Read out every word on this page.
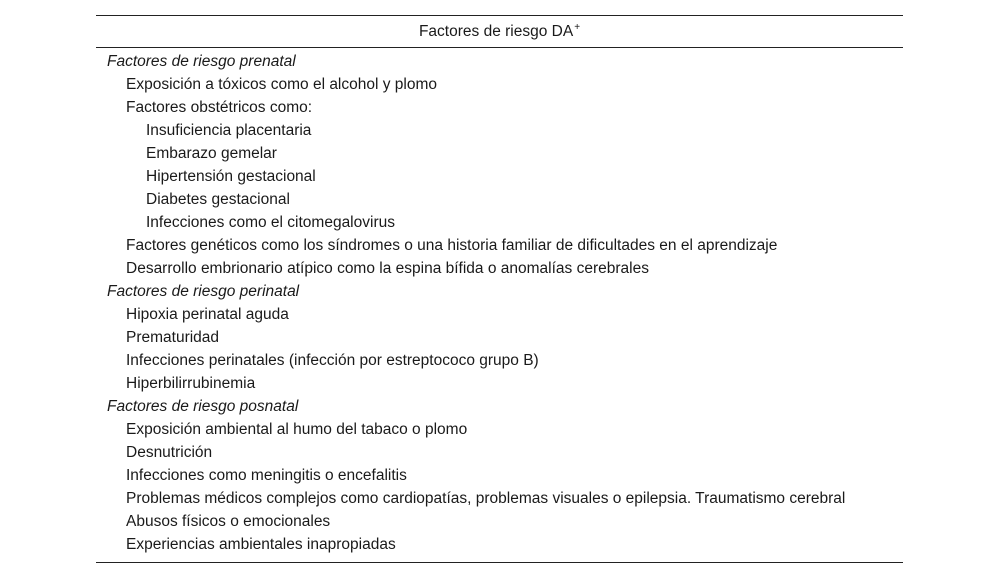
Factores de riesgo DA+
Factores de riesgo prenatal
Exposición a tóxicos como el alcohol y plomo
Factores obstétricos como:
Insuficiencia placentaria
Embarazo gemelar
Hipertensión gestacional
Diabetes gestacional
Infecciones como el citomegalovirus
Factores genéticos como los síndromes o una historia familiar de dificultades en el aprendizaje
Desarrollo embrionario atípico como la espina bífida o anomalías cerebrales
Factores de riesgo perinatal
Hipoxia perinatal aguda
Prematuridad
Infecciones perinatales (infección por estreptococo grupo B)
Hiperbilirrubinemia
Factores de riesgo posnatal
Exposición ambiental al humo del tabaco o plomo
Desnutrición
Infecciones como meningitis o encefalitis
Problemas médicos complejos como cardiopatías, problemas visuales o epilepsia. Traumatismo cerebral
Abusos físicos o emocionales
Experiencias ambientales inapropiadas
